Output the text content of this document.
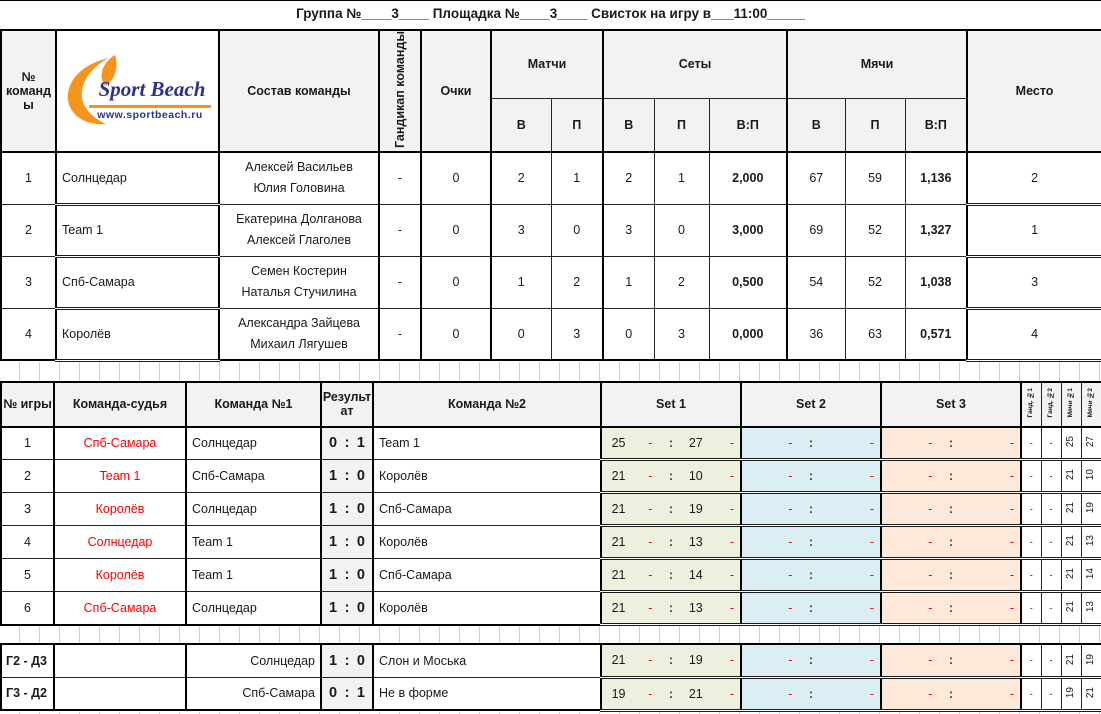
Группа №____3____ Площадка №____3____ Свисток на игру в___11:00_____
№ команды	Sport Beach
www.sportbeach.ru	Состав команды	Гандикап команды	Очки	Матчи		Сеты			Мячи			Место
					В	П	В	П	В:П	В	П	В:П	
1	Солнцедар	Алексей Васильев
Юлия Головина	-	0	2	1	2	1	2,000	67	59	1,136	2
2	Team 1	Екатерина Долганова
Алексей Глаголев	-	0	3	0	3	0	3,000	69	52	1,327	1
3	Спб-Самара	Семен Костерин
Наталья Стучилина	-	0	1	2	1	2	0,500	54	52	1,038	3
4	Королёв	Александра Зайцева
Михаил Лягушев	-	0	0	3	0	3	0,000	36	63	0,571	4
№ игры	Команда-судья	Команда №1	Результат	Команда №2	Set 1	Set 2	Set 3	Ганд. №1	Ганд. №2	Мячи №1	Мячи №2
1	Спб-Самара	Солнцедар	0 : 1	Team 1	25 - : 27 -	- : -	- : -	-	-	25	27
2	Team 1	Спб-Самара	1 : 0	Королёв	21 - : 10 -	- : -	- : -	-	-	21	10
3	Королёв	Солнцедар	1 : 0	Спб-Самара	21 - : 19 -	- : -	- : -	-	-	21	19
4	Солнцедар	Team 1	1 : 0	Королёв	21 - : 13 -	- : -	- : -	-	-	21	13
5	Королёв	Team 1	1 : 0	Спб-Самара	21 - : 14 -	- : -	- : -	-	-	21	14
6	Спб-Самара	Солнцедар	1 : 0	Королёв	21 - : 13 -	- : -	- : -	-	-	21	13
Г2 - Д3		Солнцедар	1 : 0	Слон и Моська	21 - : 19 -	- : -	- : -	-	-	21	19
Г3 - Д2		Спб-Самара	0 : 1	Не в форме	19 - : 21 -	- : -	- : -	-	-	19	21
